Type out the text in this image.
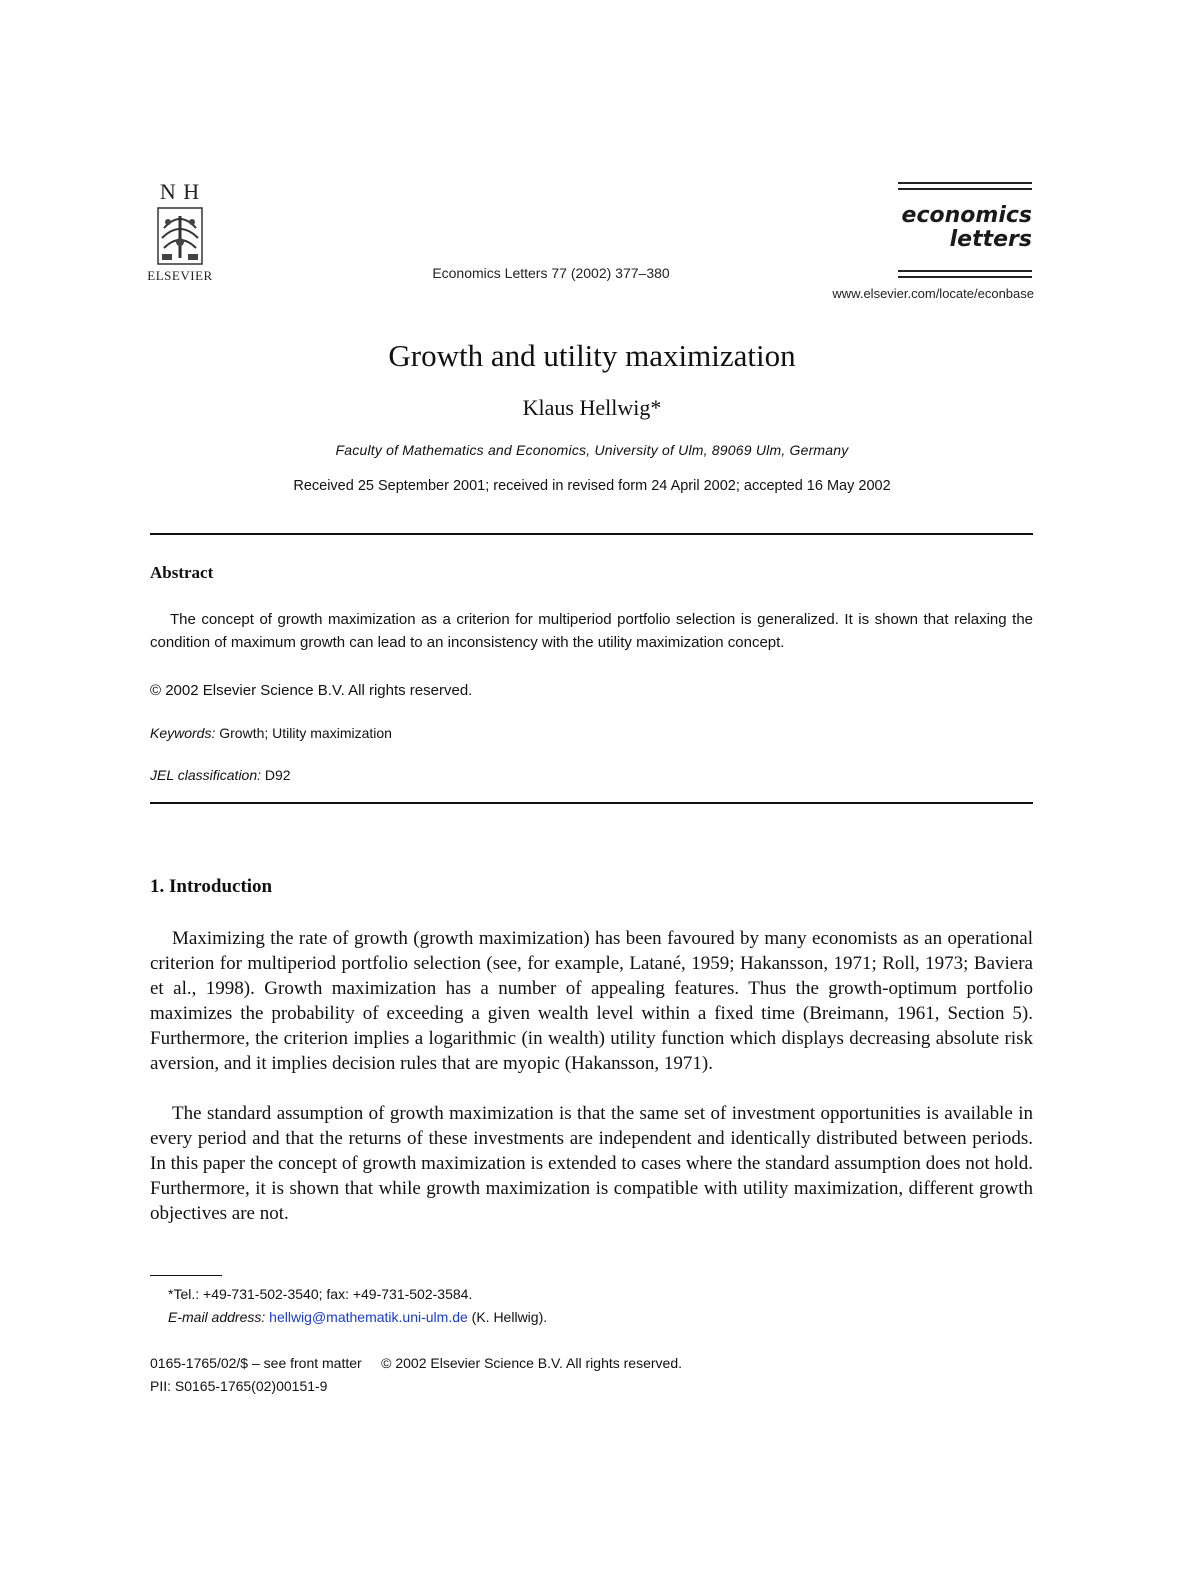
N H
ELSEVIER
economics
letters
www.elsevier.com/locate/econbase
Economics Letters 77 (2002) 377–380
Growth and utility maximization
Klaus Hellwig*
Faculty of Mathematics and Economics, University of Ulm, 89069 Ulm, Germany
Received 25 September 2001; received in revised form 24 April 2002; accepted 16 May 2002
Abstract

The concept of growth maximization as a criterion for multiperiod portfolio selection is generalized. It is shown that relaxing the condition of maximum growth can lead to an inconsistency with the utility maximization concept.

© 2002 Elsevier Science B.V. All rights reserved.
Keywords: Growth; Utility maximization
JEL classification: D92
1. Introduction

Maximizing the rate of growth (growth maximization) has been favoured by many economists as an operational criterion for multiperiod portfolio selection (see, for example, Latané, 1959; Hakansson, 1971; Roll, 1973; Baviera et al., 1998). Growth maximization has a number of appealing features. Thus the growth-optimum portfolio maximizes the probability of exceeding a given wealth level within a fixed time (Breimann, 1961, Section 5). Furthermore, the criterion implies a logarithmic (in wealth) utility function which displays decreasing absolute risk aversion, and it implies decision rules that are myopic (Hakansson, 1971).

The standard assumption of growth maximization is that the same set of investment opportunities is available in every period and that the returns of these investments are independent and identically distributed between periods. In this paper the concept of growth maximization is extended to cases where the standard assumption does not hold. Furthermore, it is shown that while growth maximization is compatible with utility maximization, different growth objectives are not.

*Tel.: +49-731-502-3540; fax: +49-731-502-3584.
E-mail address: hellwig@mathematik.uni-ulm.de (K. Hellwig).
0165-1765/02/$ – see front matter © 2002 Elsevier Science B.V. All rights reserved.
PII: S0165-1765(02)00151-9
